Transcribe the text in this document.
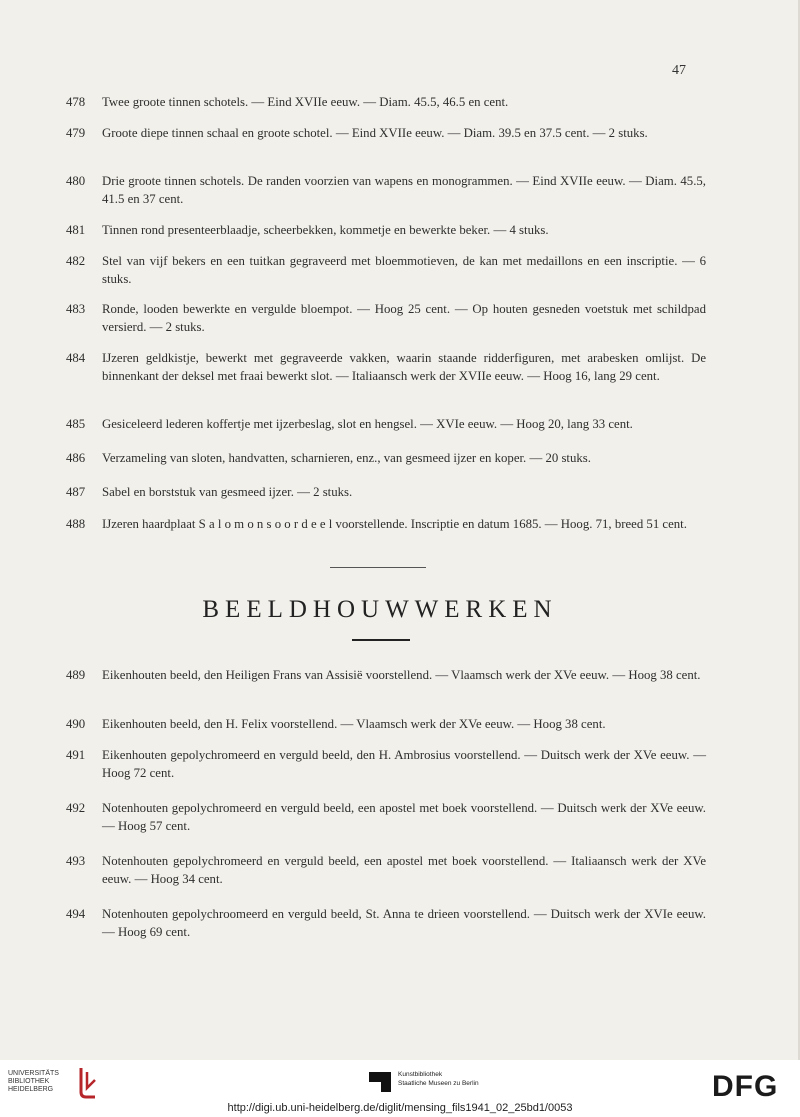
47
478	Twee groote tinnen schotels. — Eind XVIIe eeuw. — Diam. 45.5, 46.5 en cent.
479	Groote diepe tinnen schaal en groote schotel. — Eind XVIIe eeuw. — Diam. 39.5 en 37.5 cent. — 2 stuks.
480	Drie groote tinnen schotels. De randen voorzien van wapens en monogrammen. — Eind XVIIe eeuw. — Diam. 45.5, 41.5 en 37 cent.
481	Tinnen rond presenteerblaadje, scheerbekken, kommetje en bewerkte beker. — 4 stuks.
482	Stel van vijf bekers en een tuitkan gegraveerd met bloemmotieven, de kan met medaillons en een inscriptie. — 6 stuks.
483	Ronde, looden bewerkte en vergulde bloempot. — Hoog 25 cent. — Op houten gesneden voetstuk met schildpad versierd. — 2 stuks.
484	IJzeren geldkistje, bewerkt met gegraveerde vakken, waarin staande ridderfiguren, met arabesken omlijst. De binnenkant der deksel met fraai bewerkt slot. — Italiaansch werk der XVIIe eeuw. — Hoog 16, lang 29 cent.
485	Gesiceleerd lederen koffertje met ijzerbeslag, slot en hengsel. — XVIe eeuw. — Hoog 20, lang 33 cent.
486	Verzameling van sloten, handvatten, scharnieren, enz., van gesmeed ijzer en koper. — 20 stuks.
487	Sabel en borststuk van gesmeed ijzer. — 2 stuks.
488	IJzeren haardplaat S a l o m o n s o o r d e e l voorstellende. Inscriptie en datum 1685. — Hoog. 71, breed 51 cent.
BEELDHOUWWERKEN
489	Eikenhouten beeld, den Heiligen Frans van Assisië voorstellend. — Vlaamsch werk der XVe eeuw. — Hoog 38 cent.
490	Eikenhouten beeld, den H. Felix voorstellend. — Vlaamsch werk der XVe eeuw. — Hoog 38 cent.
491	Eikenhouten gepolychromeerd en verguld beeld, den H. Ambrosius voorstellend. — Duitsch werk der XVe eeuw. — Hoog 72 cent.
492	Notenhouten gepolychromeerd en verguld beeld, een apostel met boek voorstellend. — Duitsch werk der XVe eeuw. — Hoog 57 cent.
493	Notenhouten gepolychromeerd en verguld beeld, een apostel met boek voorstellend. — Italiaansch werk der XVe eeuw. — Hoog 34 cent.
494	Notenhouten gepolychroomeerd en verguld beeld, St. Anna te drieen voorstellend. — Duitsch werk der XVIe eeuw. — Hoog 69 cent.
UNIVERSITÄTS
BIBLIOTHEK
HEIDELBERG
Kunstbibliothek
Staatliche Museen zu Berlin	DFG
http://digi.ub.uni-heidelberg.de/diglit/mensing_fils1941_02_25bd1/0053
